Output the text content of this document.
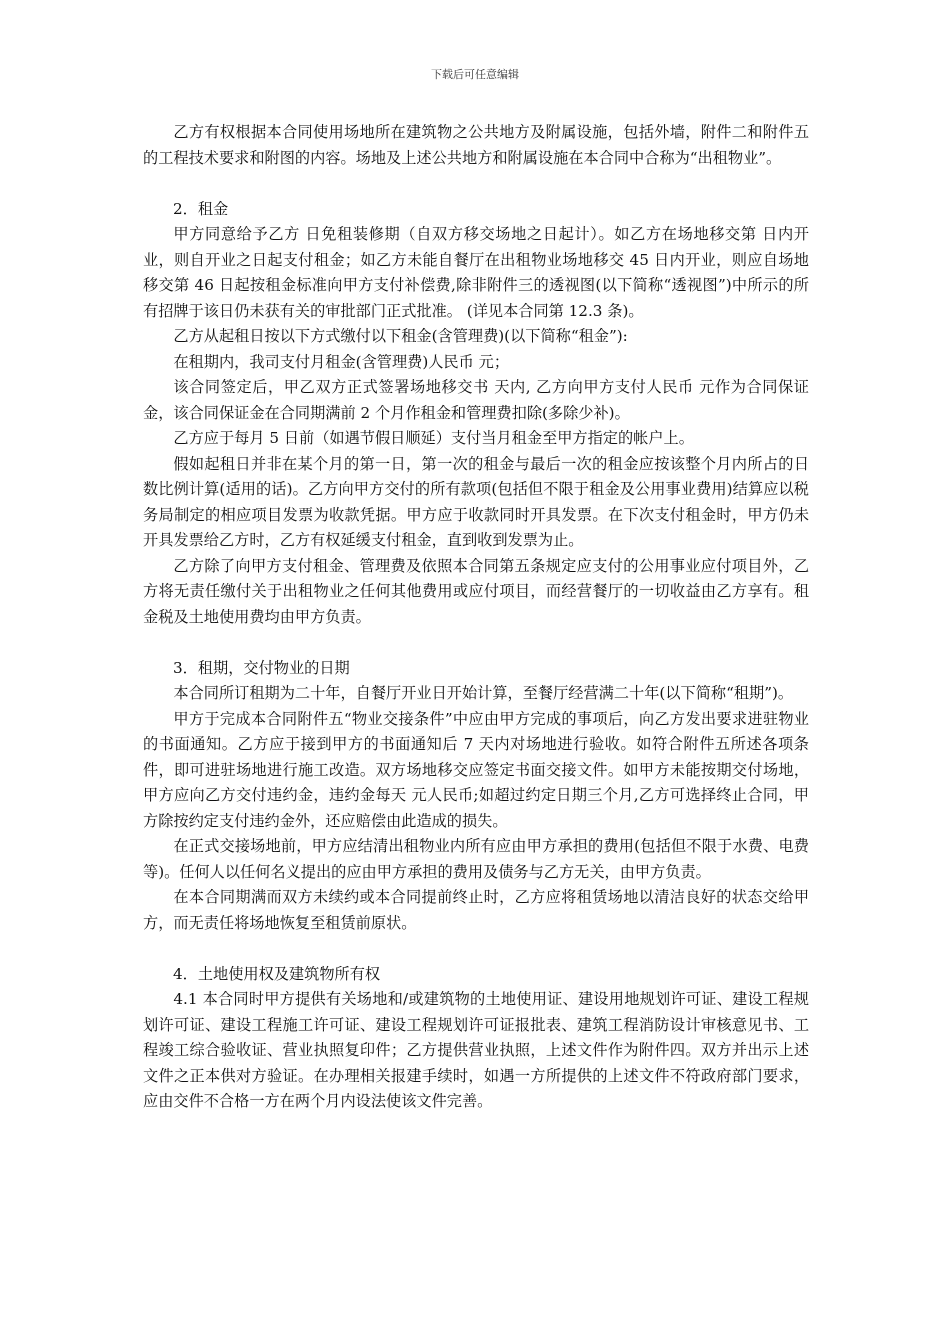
下载后可任意编辑

乙方有权根据本合同使用场地所在建筑物之公共地方及附属设施，包括外墙，附件二和附件五的工程技术要求和附图的内容。场地及上述公共地方和附属设施在本合同中合称为“出租物业”。

2．租金

甲方同意给予乙方 日免租装修期（自双方移交场地之日起计）。如乙方在场地移交第 日内开业，则自开业之日起支付租金；如乙方未能自餐厅在出租物业场地移交 45 日内开业，则应自场地移交第 46 日起按租金标准向甲方支付补偿费,除非附件三的透视图(以下简称“透视图”)中所示的所有招牌于该日仍未获有关的审批部门正式批准。 (详见本合同第 12.3 条)。

乙方从起租日按以下方式缴付以下租金(含管理费)(以下简称“租金”):

在租期内，我司支付月租金(含管理费)人民币 元；

该合同签定后，甲乙双方正式签署场地移交书 天内, 乙方向甲方支付人民币 元作为合同保证金，该合同保证金在合同期满前 2 个月作租金和管理费扣除(多除少补)。

乙方应于每月 5 日前（如遇节假日顺延）支付当月租金至甲方指定的帐户上。

假如起租日并非在某个月的第一日，第一次的租金与最后一次的租金应按该整个月内所占的日数比例计算(适用的话)。乙方向甲方交付的所有款项(包括但不限于租金及公用事业费用)结算应以税务局制定的相应项目发票为收款凭据。甲方应于收款同时开具发票。在下次支付租金时，甲方仍未开具发票给乙方时，乙方有权延缓支付租金，直到收到发票为止。

乙方除了向甲方支付租金、管理费及依照本合同第五条规定应支付的公用事业应付项目外，乙方将无责任缴付关于出租物业之任何其他费用或应付项目，而经营餐厅的一切收益由乙方享有。租金税及土地使用费均由甲方负责。

3．租期，交付物业的日期

本合同所订租期为二十年，自餐厅开业日开始计算，至餐厅经营满二十年(以下简称“租期”)。

甲方于完成本合同附件五“物业交接条件”中应由甲方完成的事项后，向乙方发出要求进驻物业的书面通知。乙方应于接到甲方的书面通知后 7 天内对场地进行验收。如符合附件五所述各项条件，即可进驻场地进行施工改造。双方场地移交应签定书面交接文件。如甲方未能按期交付场地，甲方应向乙方交付违约金，违约金每天 元人民币;如超过约定日期三个月,乙方可选择终止合同，甲方除按约定支付违约金外，还应赔偿由此造成的损失。

在正式交接场地前，甲方应结清出租物业内所有应由甲方承担的费用(包括但不限于水费、电费等)。任何人以任何名义提出的应由甲方承担的费用及债务与乙方无关，由甲方负责。

在本合同期满而双方未续约或本合同提前终止时，乙方应将租赁场地以清洁良好的状态交给甲方，而无责任将场地恢复至租赁前原状。

4．土地使用权及建筑物所有权

4.1 本合同时甲方提供有关场地和/或建筑物的土地使用证、建设用地规划许可证、建设工程规划许可证、建设工程施工许可证、建设工程规划许可证报批表、建筑工程消防设计审核意见书、工程竣工综合验收证、营业执照复印件；乙方提供营业执照，上述文件作为附件四。双方并出示上述文件之正本供对方验证。在办理相关报建手续时，如遇一方所提供的上述文件不符政府部门要求，应由交件不合格一方在两个月内设法使该文件完善。
